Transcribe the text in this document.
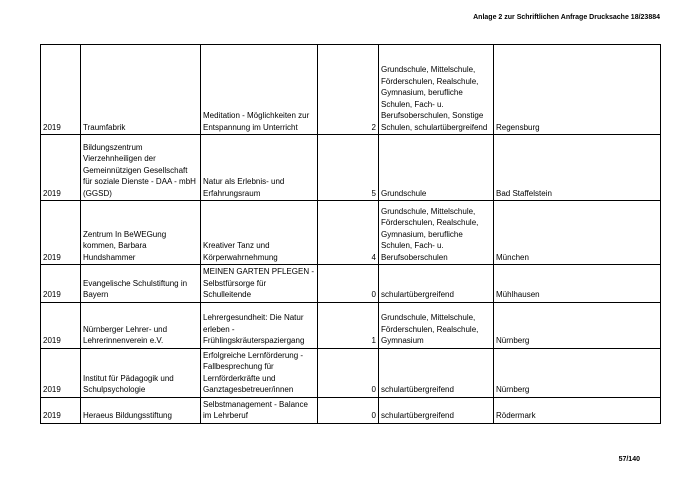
Anlage 2 zur Schriftlichen Anfrage Drucksache 18/23884
2019	Traumfabrik	Meditation - Möglichkeiten zur Entspannung im Unterricht	2	Grundschule, Mittelschule, Förderschulen, Realschule, Gymnasium, berufliche Schulen, Fach- u. Berufsoberschulen, Sonstige Schulen, schulartübergreifend	Regensburg
2019	Bildungszentrum Vierzehnheiligen der Gemeinnützigen Gesellschaft für soziale Dienste - DAA - mbH (GGSD)	Natur als Erlebnis- und Erfahrungsraum	5	Grundschule	Bad Staffelstein
2019	Zentrum In BeWEGung kommen, Barbara Hundshammer	Kreativer Tanz und Körperwahrnehmung	4	Grundschule, Mittelschule, Förderschulen, Realschule, Gymnasium, berufliche Schulen, Fach- u. Berufsoberschulen	München
2019	Evangelische Schulstiftung in Bayern	MEINEN GARTEN PFLEGEN - Selbstfürsorge für Schulleitende	0	schulartübergreifend	Mühlhausen
2019	Nürnberger Lehrer- und Lehrerinnenverein e.V.	Lehrergesundheit: Die Natur erleben - Frühlingskräuterspaziergang	1	Grundschule, Mittelschule, Förderschulen, Realschule, Gymnasium	Nürnberg
2019	Institut für Pädagogik und Schulpsychologie	Erfolgreiche Lernförderung - Fallbesprechung für Lernförderkräfte und Ganztagesbetreuer/innen	0	schulartübergreifend	Nürnberg
2019	Heraeus Bildungsstiftung	Selbstmanagement - Balance im Lehrberuf	0	schulartübergreifend	Rödermark
57/140
